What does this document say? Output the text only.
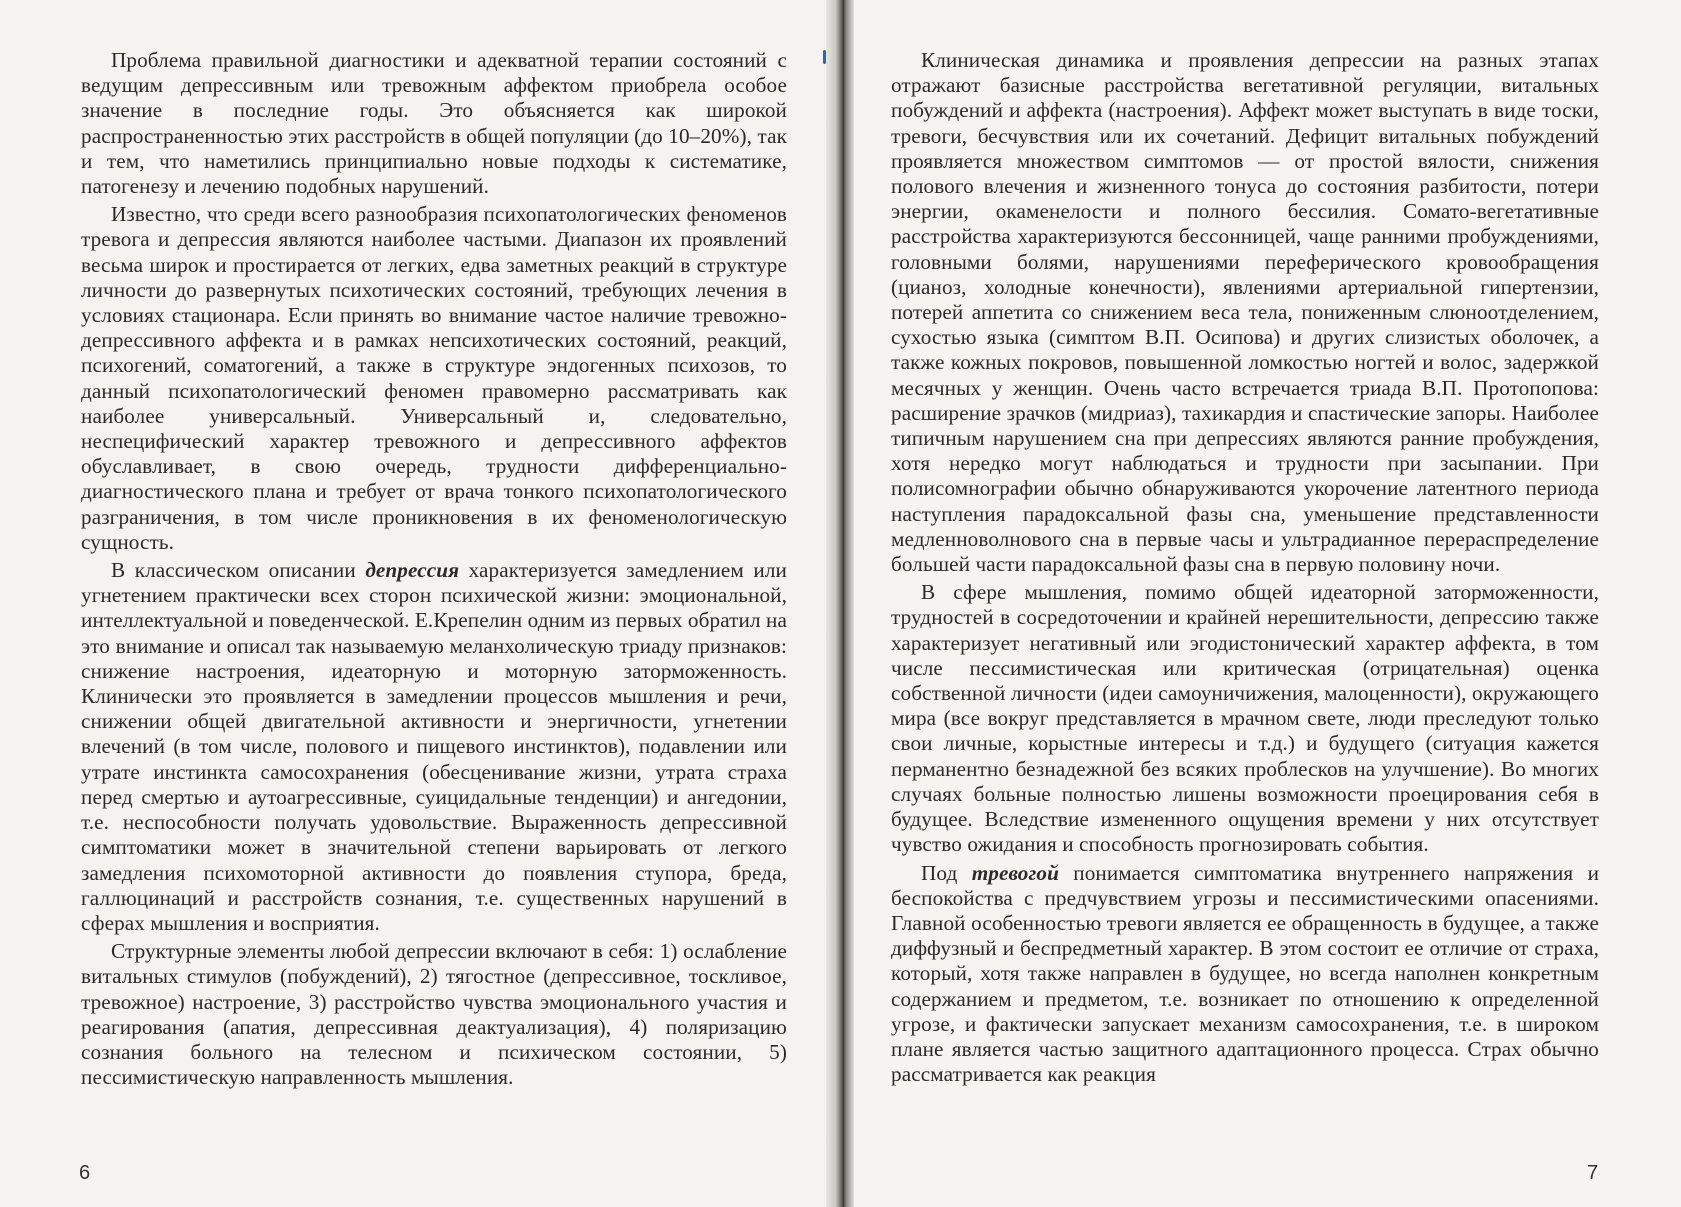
Проблема правильной диагностики и адекватной терапии состояний с ведущим депрессивным или тревожным аффектом приобрела особое значение в последние годы. Это объясняется как широкой распространенностью этих расстройств в общей популяции (до 10–20%), так и тем, что наметились принципиально новые подходы к систематике, патогенезу и лечению подобных нарушений.

Известно, что среди всего разнообразия психопатологических феноменов тревога и депрессия являются наиболее частыми. Диапазон их проявлений весьма широк и простирается от легких, едва заметных реакций в структуре личности до развернутых психотических состояний, требующих лечения в условиях стационара. Если принять во внимание частое наличие тревожно-депрессивного аффекта и в рамках непсихотических состояний, реакций, психогений, соматогений, а также в структуре эндогенных психозов, то данный психопатологический феномен правомерно рассматривать как наиболее универсальный. Универсальный и, следовательно, неспецифический характер тревожного и депрессивного аффектов обуславливает, в свою очередь, трудности дифференциально-диагностического плана и требует от врача тонкого психопатологического разграничения, в том числе проникновения в их феноменологическую сущность.

В классическом описании депрессия характеризуется замедлением или угнетением практически всех сторон психической жизни: эмоциональной, интеллектуальной и поведенческой. Е.Крепелин одним из первых обратил на это внимание и описал так называемую меланхолическую триаду признаков: снижение настроения, идеаторную и моторную заторможенность. Клинически это проявляется в замедлении процессов мышления и речи, снижении общей двигательной активности и энергичности, угнетении влечений (в том числе, полового и пищевого инстинктов), подавлении или утрате инстинкта самосохранения (обесценивание жизни, утрата страха перед смертью и аутоагрессивные, суицидальные тенденции) и ангедонии, т.е. неспособности получать удовольствие. Выраженность депрессивной симптоматики может в значительной степени варьировать от легкого замедления психомоторной активности до появления ступора, бреда, галлюцинаций и расстройств сознания, т.е. существенных нарушений в сферах мышления и восприятия.

Структурные элементы любой депрессии включают в себя: 1) ослабление витальных стимулов (побуждений), 2) тягостное (депрессивное, тоскливое, тревожное) настроение, 3) расстройство чувства эмоционального участия и реагирования (апатия, депрессивная деактуализация), 4) поляризацию сознания больного на телесном и психическом состоянии, 5) пессимистическую направленность мышления.

6

Клиническая динамика и проявления депрессии на разных этапах отражают базисные расстройства вегетативной регуляции, витальных побуждений и аффекта (настроения). Аффект может выступать в виде тоски, тревоги, бесчувствия или их сочетаний. Дефицит витальных побуждений проявляется множеством симптомов — от простой вялости, снижения полового влечения и жизненного тонуса до состояния разбитости, потери энергии, окаменелости и полного бессилия. Сомато-вегетативные расстройства характеризуются бессонницей, чаще ранними пробуждениями, головными болями, нарушениями переферического кровообращения (цианоз, холодные конечности), явлениями артериальной гипертензии, потерей аппетита со снижением веса тела, пониженным слюноотделением, сухостью языка (симптом В.П. Осипова) и других слизистых оболочек, а также кожных покровов, повышенной ломкостью ногтей и волос, задержкой месячных у женщин. Очень часто встречается триада В.П. Протопопова: расширение зрачков (мидриаз), тахикардия и спастические запоры. Наиболее типичным нарушением сна при депрессиях являются ранние пробуждения, хотя нередко могут наблюдаться и трудности при засыпании. При полисомнографии обычно обнаруживаются укорочение латентного периода наступления парадоксальной фазы сна, уменьшение представленности медленноволнового сна в первые часы и ультрадианное перераспределение большей части парадоксальной фазы сна в первую половину ночи.

В сфере мышления, помимо общей идеаторной заторможенности, трудностей в сосредоточении и крайней нерешительности, депрессию также характеризует негативный или эгодистонический характер аффекта, в том числе пессимистическая или критическая (отрицательная) оценка собственной личности (идеи самоуничижения, малоценности), окружающего мира (все вокруг представляется в мрачном свете, люди преследуют только свои личные, корыстные интересы и т.д.) и будущего (ситуация кажется перманентно безнадежной без всяких проблесков на улучшение). Во многих случаях больные полностью лишены возможности проецирования себя в будущее. Вследствие измененного ощущения времени у них отсутствует чувство ожидания и способность прогнозировать события.

Под тревогой понимается симптоматика внутреннего напряжения и беспокойства с предчувствием угрозы и пессимистическими опасениями. Главной особенностью тревоги является ее обращенность в будущее, а также диффузный и беспредметный характер. В этом состоит ее отличие от страха, который, хотя также направлен в будущее, но всегда наполнен конкретным содержанием и предметом, т.е. возникает по отношению к определенной угрозе, и фактически запускает механизм самосохранения, т.е. в широком плане является частью защитного адаптационного процесса. Страх обычно рассматривается как реакция

7
